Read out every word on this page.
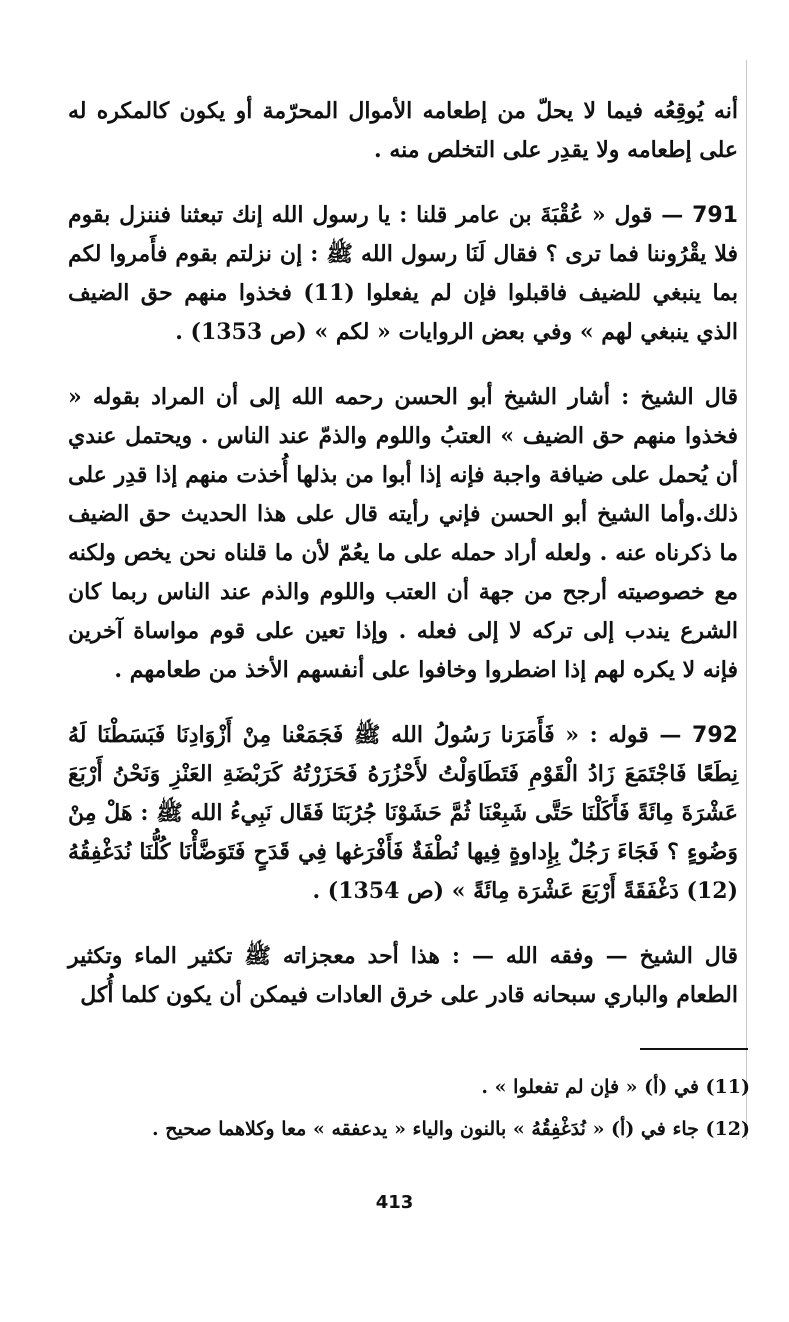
أنه يُوقِعُه فيما لا يحلّ من إطعامه الأموال المحرّمة أو يكون كالمكره له على إطعامه ولا يقدِر على التخلص منه .

791 — قول « عُقْبَةَ بن عامر قلنا : يا رسول الله إنك تبعثنا فننزل بقوم فلا يقْرُوننا فما ترى ؟ فقال لَنَا رسول الله ﷺ : إن نزلتم بقوم فأَمروا لكم بما ينبغي للضيف فاقبلوا فإن لم يفعلوا (11) فخذوا منهم حق الضيف الذي ينبغي لهم » وفي بعض الروايات « لكم » (ص 1353) .

قال الشيخ : أشار الشيخ أبو الحسن رحمه الله إلى أن المراد بقوله « فخذوا منهم حق الضيف » العتبُ واللوم والذمّ عند الناس . ويحتمل عندي أن يُحمل على ضيافة واجبة فإنه إذا أبوا من بذلها أُخذت منهم إذا قدِر على ذلك.وأما الشيخ أبو الحسن فإني رأيته قال على هذا الحديث حق الضيف ما ذكرناه عنه . ولعله أراد حمله على ما يعُمّ لأن ما قلناه نحن يخص ولكنه مع خصوصيته أرجح من جهة أن العتب واللوم والذم عند الناس ربما كان الشرع يندب إلى تركه لا إلى فعله . وإذا تعين على قوم مواساة آخرين فإنه لا يكره لهم إذا اضطروا وخافوا على أنفسهم الأخذ من طعامهم .

792 — قوله : « فَأَمَرَنا رَسُولُ الله ﷺ فَجَمَعْنا مِنْ أَزْوَادِنَا فَبَسَطْنَا لَهُ نِطَعًا فَاجْتَمَعَ زَادُ الْقَوْمِ فَتَطَاوَلْتُ لأَحْزُرَهُ فَحَزَرْتُهُ كَرَبْضَةِ العَنْزِ وَنَحْنُ أَرْبَعَ عَشْرَةَ مِائَةً فَأَكَلْنَا حَتَّى شَبِعْنَا ثُمَّ حَشَوْنَا جُرُبَنَا فَقَال نَبِيءُ الله ﷺ : هَلْ مِنْ وَضُوءٍ ؟ فَجَاءَ رَجُلٌ بِإِداوةٍ فِيها نُطْفَةٌ فَأَفْرَغها فِي قَدَحٍ فَتَوَضَّأْنَا كُلُّنَا نُدَغْفِقُهُ (12) دَغْفَقَةً أَرْبَعَ عَشْرَة مِائَةً » (ص 1354) .

قال الشيخ — وفقه الله — : هذا أحد معجزاته ﷺ تكثير الماء وتكثير الطعام والباري سبحانه قادر على خرق العادات فيمكن أن يكون كلما أُكل

(11) في (أ) « فإن لم تفعلوا » .

(12) جاء في (أ) « نُدَغْفِقُهُ » بالنون والياء « يدعفقه » معا وكلاهما صحيح .

413
